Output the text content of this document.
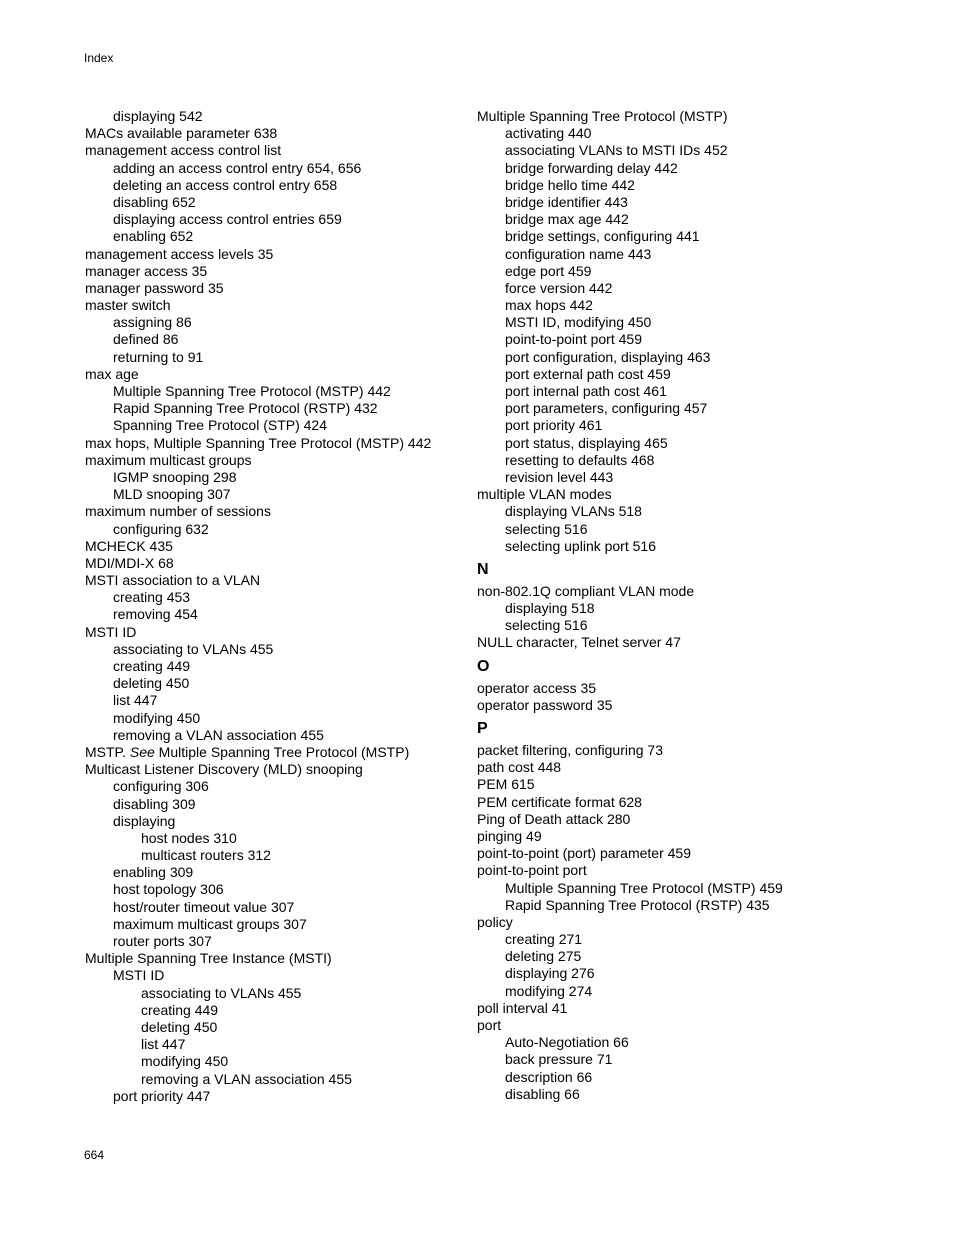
Index
displaying 542
MACs available parameter 638
management access control list
adding an access control entry 654, 656
deleting an access control entry 658
disabling 652
displaying access control entries 659
enabling 652
management access levels 35
manager access 35
manager password 35
master switch
assigning 86
defined 86
returning to 91
max age
Multiple Spanning Tree Protocol (MSTP) 442
Rapid Spanning Tree Protocol (RSTP) 432
Spanning Tree Protocol (STP) 424
max hops, Multiple Spanning Tree Protocol (MSTP) 442
maximum multicast groups
IGMP snooping 298
MLD snooping 307
maximum number of sessions
configuring 632
MCHECK 435
MDI/MDI-X 68
MSTI association to a VLAN
creating 453
removing 454
MSTI ID
associating to VLANs 455
creating 449
deleting 450
list 447
modifying 450
removing a VLAN association 455
MSTP. See Multiple Spanning Tree Protocol (MSTP)
Multicast Listener Discovery (MLD) snooping
configuring 306
disabling 309
displaying
host nodes 310
multicast routers 312
enabling 309
host topology 306
host/router timeout value 307
maximum multicast groups 307
router ports 307
Multiple Spanning Tree Instance (MSTI)
MSTI ID
associating to VLANs 455
creating 449
deleting 450
list 447
modifying 450
removing a VLAN association 455
port priority 447
Multiple Spanning Tree Protocol (MSTP)
activating 440
associating VLANs to MSTI IDs 452
bridge forwarding delay 442
bridge hello time 442
bridge identifier 443
bridge max age 442
bridge settings, configuring 441
configuration name 443
edge port 459
force version 442
max hops 442
MSTI ID, modifying 450
point-to-point port 459
port configuration, displaying 463
port external path cost 459
port internal path cost 461
port parameters, configuring 457
port priority 461
port status, displaying 465
resetting to defaults 468
revision level 443
multiple VLAN modes
displaying VLANs 518
selecting 516
selecting uplink port 516
N
non-802.1Q compliant VLAN mode
displaying 518
selecting 516
NULL character, Telnet server 47
O
operator access 35
operator password 35
P
packet filtering, configuring 73
path cost 448
PEM 615
PEM certificate format 628
Ping of Death attack 280
pinging 49
point-to-point (port) parameter 459
point-to-point port
Multiple Spanning Tree Protocol (MSTP) 459
Rapid Spanning Tree Protocol (RSTP) 435
policy
creating 271
deleting 275
displaying 276
modifying 274
poll interval 41
port
Auto-Negotiation 66
back pressure 71
description 66
disabling 66
664
